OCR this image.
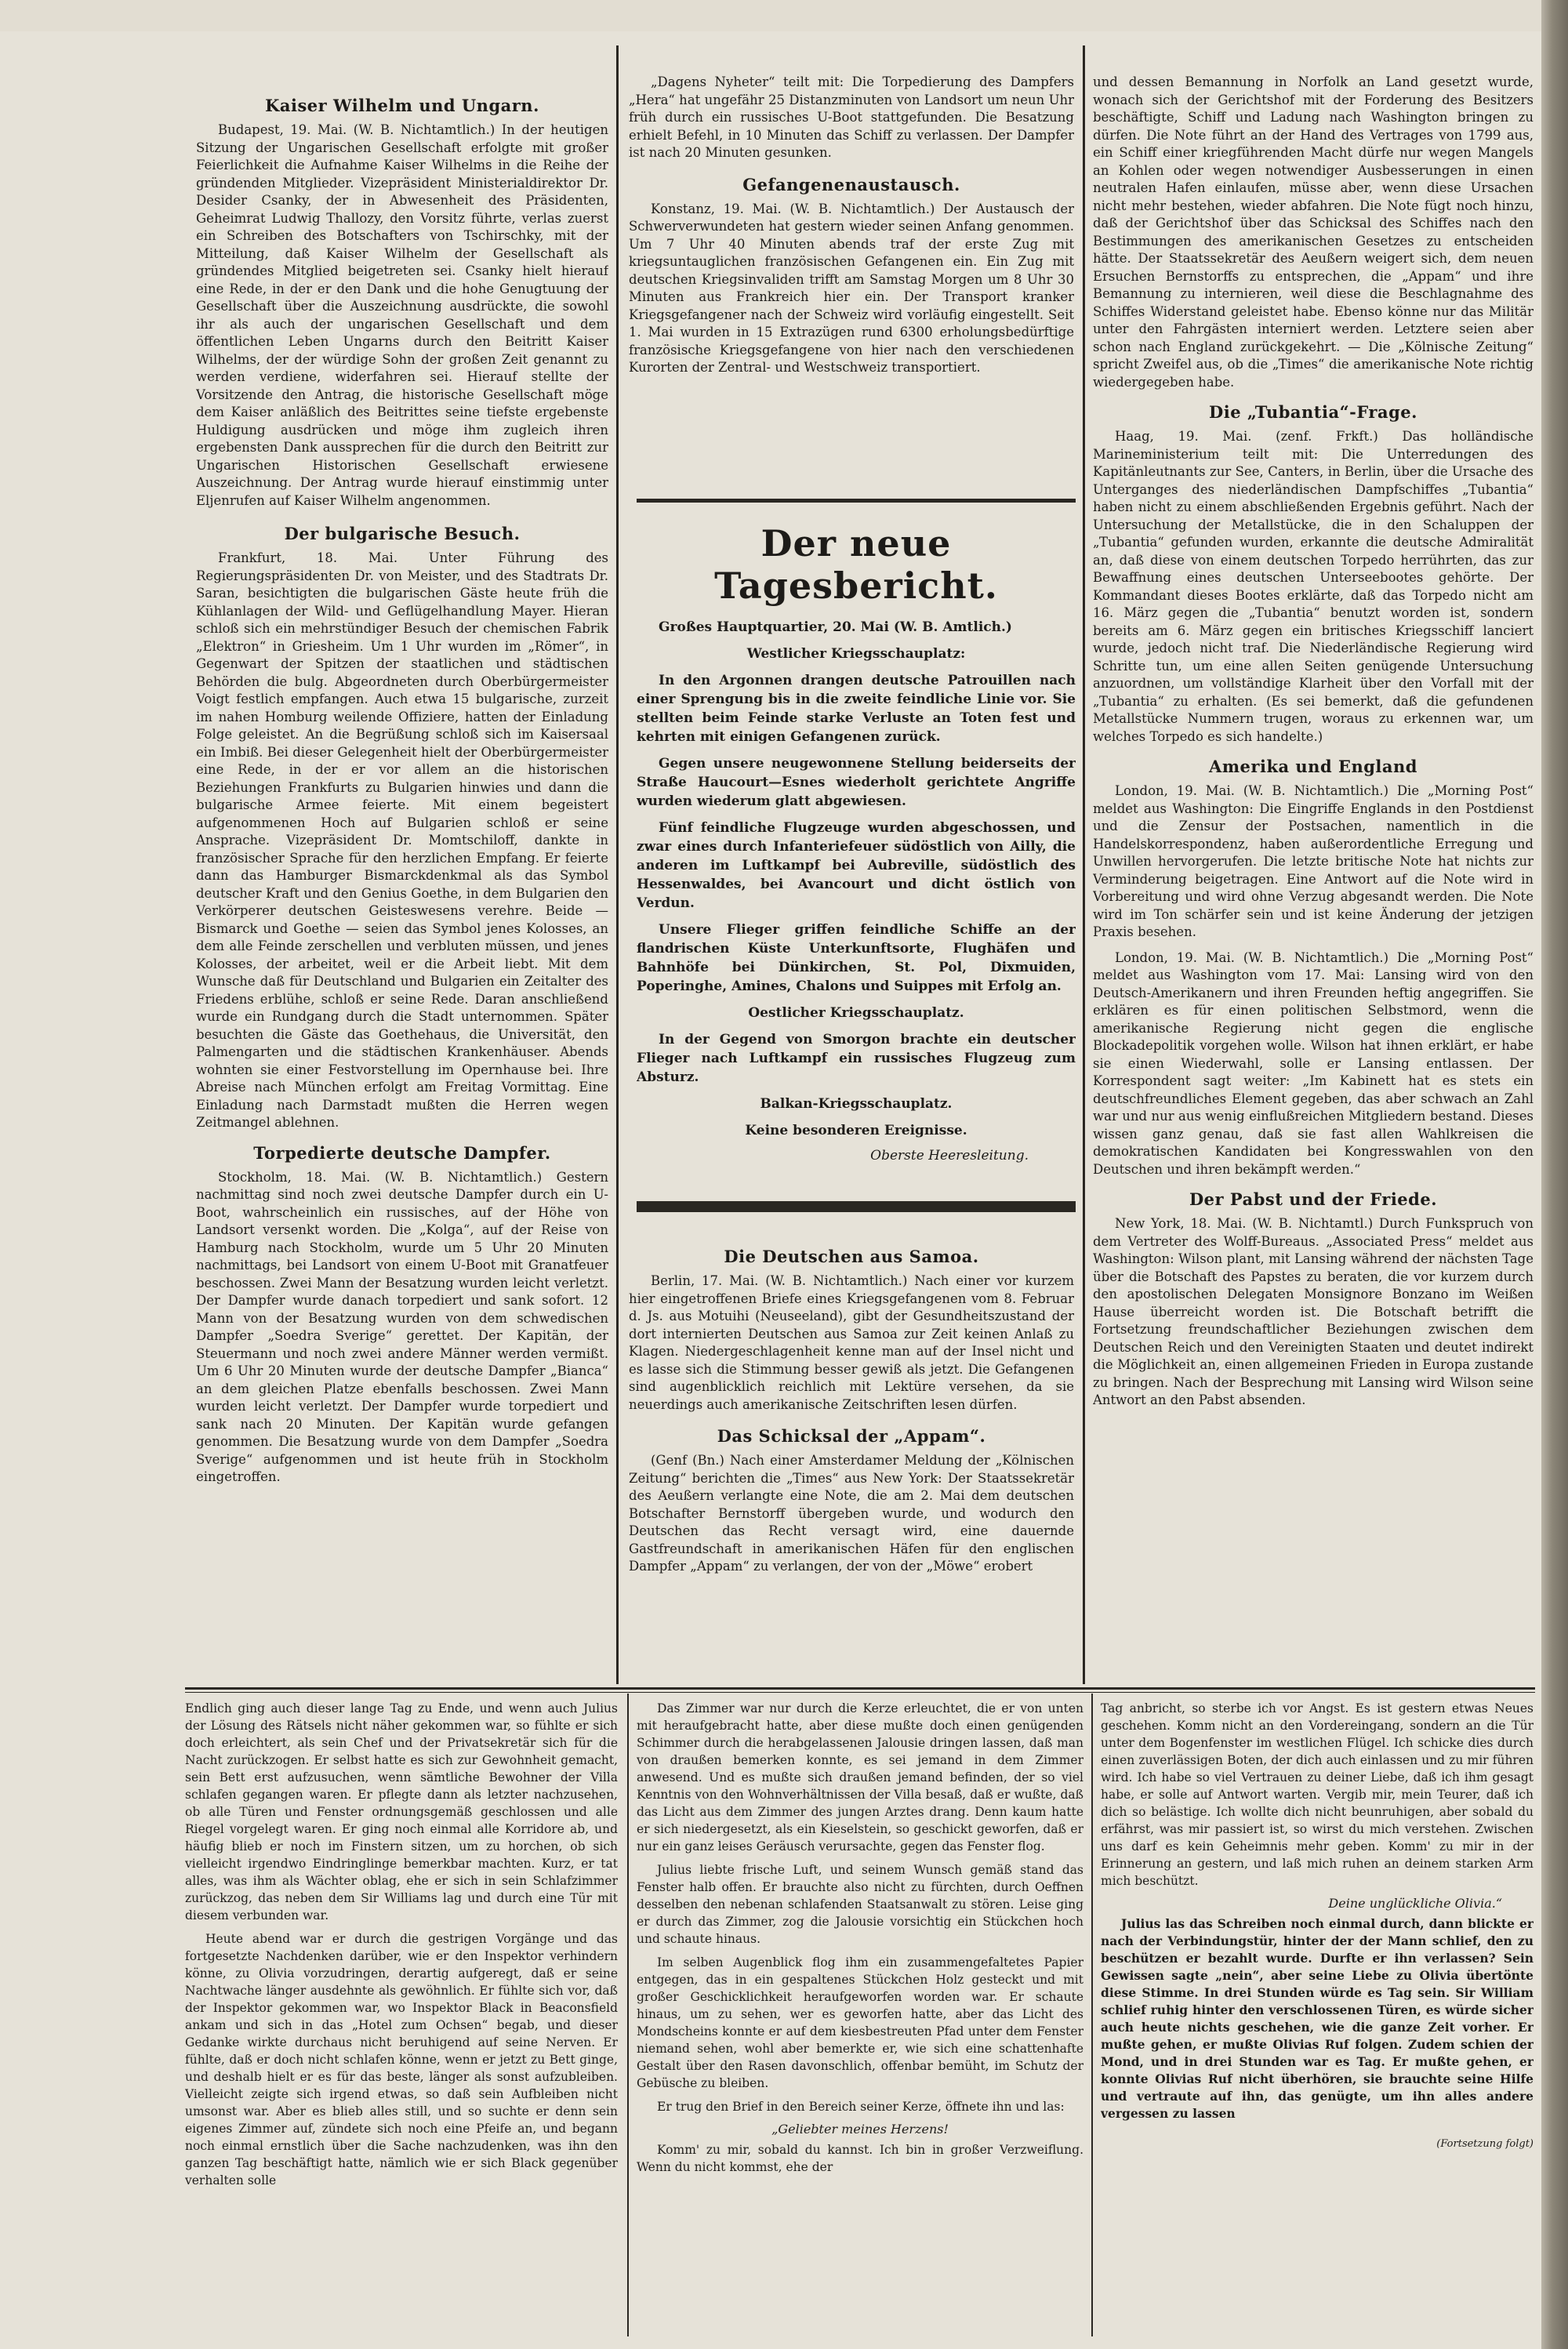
Kaiser Wilhelm und Ungarn.
Budapest, 19. Mai. (W. B. Nichtamtlich.) In der heutigen Sitzung der Ungarischen Gesellschaft erfolgte mit großer Feierlichkeit die Aufnahme Kaiser Wilhelms in die Reihe der gründenden Mitglieder. Vizepräsident Ministerialdirektor Dr. Desider Csanky, der in Abwesenheit des Präsidenten, Geheimrat Ludwig Thallozy, den Vorsitz führte, verlas zuerst ein Schreiben des Botschafters von Tschirschky, mit der Mitteilung, daß Kaiser Wilhelm der Gesellschaft als gründendes Mitglied beigetreten sei. Csanky hielt hierauf eine Rede, in der er den Dank und die hohe Genugtuung der Gesellschaft über die Auszeichnung ausdrückte, die sowohl ihr als auch der ungarischen Gesellschaft und dem öffentlichen Leben Ungarns durch den Beitritt Kaiser Wilhelms, der der würdige Sohn der großen Zeit genannt zu werden verdiene, widerfahren sei. Hierauf stellte der Vorsitzende den Antrag, die historische Gesellschaft möge dem Kaiser anläßlich des Beitrittes seine tiefste ergebenste Huldigung ausdrücken und möge ihm zugleich ihren ergebensten Dank aussprechen für die durch den Beitritt zur Ungarischen Historischen Gesellschaft erwiesene Auszeichnung. Der Antrag wurde hierauf einstimmig unter Eljenrufen auf Kaiser Wilhelm angenommen.
Der bulgarische Besuch.
Frankfurt, 18. Mai. Unter Führung des Regierungspräsidenten Dr. von Meister, und des Stadtrats Dr. Saran, besichtigten die bulgarischen Gäste heute früh die Kühlanlagen der Wild- und Geflügelhandlung Mayer. Hieran schloß sich ein mehrstündiger Besuch der chemischen Fabrik „Elektron“ in Griesheim. Um 1 Uhr wurden im „Römer“, in Gegenwart der Spitzen der staatlichen und städtischen Behörden die bulg. Abgeordneten durch Oberbürgermeister Voigt festlich empfangen. Auch etwa 15 bulgarische, zurzeit im nahen Homburg weilende Offiziere, hatten der Einladung Folge geleistet. An die Begrüßung schloß sich im Kaisersaal ein Imbiß. Bei dieser Gelegenheit hielt der Oberbürgermeister eine Rede, in der er vor allem an die historischen Beziehungen Frankfurts zu Bulgarien hinwies und dann die bulgarische Armee feierte. Mit einem begeistert aufgenommenen Hoch auf Bulgarien schloß er seine Ansprache. Vizepräsident Dr. Momtschiloff, dankte in französischer Sprache für den herzlichen Empfang. Er feierte dann das Hamburger Bismarckdenkmal als das Symbol deutscher Kraft und den Genius Goethe, in dem Bulgarien den Verkörperer deutschen Geisteswesens verehre. Beide — Bismarck und Goethe — seien das Symbol jenes Kolosses, an dem alle Feinde zerschellen und verbluten müssen, und jenes Kolosses, der arbeitet, weil er die Arbeit liebt. Mit dem Wunsche daß für Deutschland und Bulgarien ein Zeitalter des Friedens erblühe, schloß er seine Rede. Daran anschließend wurde ein Rundgang durch die Stadt unternommen. Später besuchten die Gäste das Goethehaus, die Universität, den Palmengarten und die städtischen Krankenhäuser. Abends wohnten sie einer Festvorstellung im Opernhause bei. Ihre Abreise nach München erfolgt am Freitag Vormittag. Eine Einladung nach Darmstadt mußten die Herren wegen Zeitmangel ablehnen.
Torpedierte deutsche Dampfer.
Stockholm, 18. Mai. (W. B. Nichtamtlich.) Gestern nachmittag sind noch zwei deutsche Dampfer durch ein U-Boot, wahrscheinlich ein russisches, auf der Höhe von Landsort versenkt worden. Die „Kolga“, auf der Reise von Hamburg nach Stockholm, wurde um 5 Uhr 20 Minuten nachmittags, bei Landsort von einem U-Boot mit Granatfeuer beschossen. Zwei Mann der Besatzung wurden leicht verletzt. Der Dampfer wurde danach torpediert und sank sofort. 12 Mann von der Besatzung wurden von dem schwedischen Dampfer „Soedra Sverige“ gerettet. Der Kapitän, der Steuermann und noch zwei andere Männer werden vermißt. Um 6 Uhr 20 Minuten wurde der deutsche Dampfer „Bianca“ an dem gleichen Platze ebenfalls beschossen. Zwei Mann wurden leicht verletzt. Der Dampfer wurde torpediert und sank nach 20 Minuten. Der Kapitän wurde gefangen genommen. Die Besatzung wurde von dem Dampfer „Soedra Sverige“ aufgenommen und ist heute früh in Stockholm eingetroffen.
„Dagens Nyheter“ teilt mit: Die Torpedierung des Dampfers „Hera“ hat ungefähr 25 Distanzminuten von Landsort um neun Uhr früh durch ein russisches U-Boot stattgefunden. Die Besatzung erhielt Befehl, in 10 Minuten das Schiff zu verlassen. Der Dampfer ist nach 20 Minuten gesunken.
Gefangenenaustausch.
Konstanz, 19. Mai. (W. B. Nichtamtlich.) Der Austausch der Schwerverwundeten hat gestern wieder seinen Anfang genommen. Um 7 Uhr 40 Minuten abends traf der erste Zug mit kriegsuntauglichen französischen Gefangenen ein. Ein Zug mit deutschen Kriegsinvaliden trifft am Samstag Morgen um 8 Uhr 30 Minuten aus Frankreich hier ein. Der Transport kranker Kriegsgefangener nach der Schweiz wird vorläufig eingestellt. Seit 1. Mai wurden in 15 Extrazügen rund 6300 erholungsbedürftige französische Kriegsgefangene von hier nach den verschiedenen Kurorten der Zentral- und Westschweiz transportiert.
Der neue Tagesbericht.
Großes Hauptquartier, 20. Mai (W. B. Amtlich.)
Westlicher Kriegsschauplatz:
In den Argonnen drangen deutsche Patrouillen nach einer Sprengung bis in die zweite feindliche Linie vor. Sie stellten beim Feinde starke Verluste an Toten fest und kehrten mit einigen Gefangenen zurück.
Gegen unsere neugewonnene Stellung beiderseits der Straße Haucourt—Esnes wiederholt gerichtete Angriffe wurden wiederum glatt abgewiesen.
Fünf feindliche Flugzeuge wurden abgeschossen, und zwar eines durch Infanteriefeuer südöstlich von Ailly, die anderen im Luftkampf bei Aubreville, südöstlich des Hessenwaldes, bei Avancourt und dicht östlich von Verdun.
Unsere Flieger griffen feindliche Schiffe an der flandrischen Küste Unterkunftsorte, Flughäfen und Bahnhöfe bei Dünkirchen, St. Pol, Dixmuiden, Poperinghe, Amines, Chalons und Suippes mit Erfolg an.
Oestlicher Kriegsschauplatz.
In der Gegend von Smorgon brachte ein deutscher Flieger nach Luftkampf ein russisches Flugzeug zum Absturz.
Balkan-Kriegsschauplatz.
Keine besonderen Ereignisse.
Oberste Heeresleitung.
Die Deutschen aus Samoa.
Berlin, 17. Mai. (W. B. Nichtamtlich.) Nach einer vor kurzem hier eingetroffenen Briefe eines Kriegsgefangenen vom 8. Februar d. Js. aus Motuihi (Neuseeland), gibt der Gesundheitszustand der dort internierten Deutschen aus Samoa zur Zeit keinen Anlaß zu Klagen. Niedergeschlagenheit kenne man auf der Insel nicht und es lasse sich die Stimmung besser gewiß als jetzt. Die Gefangenen sind augenblicklich reichlich mit Lektüre versehen, da sie neuerdings auch amerikanische Zeitschriften lesen dürfen.
Das Schicksal der „Appam“.
(Genf (Bn.) Nach einer Amsterdamer Meldung der „Kölnischen Zeitung“ berichten die „Times“ aus New York: Der Staatssekretär des Aeußern verlangte eine Note, die am 2. Mai dem deutschen Botschafter Bernstorff übergeben wurde, und wodurch den Deutschen das Recht versagt wird, eine dauernde Gastfreundschaft in amerikanischen Häfen für den englischen Dampfer „Appam“ zu verlangen, der von der „Möwe“ erobert
und dessen Bemannung in Norfolk an Land gesetzt wurde, wonach sich der Gerichtshof mit der Forderung des Besitzers beschäftigte, Schiff und Ladung nach Washington bringen zu dürfen. Die Note führt an der Hand des Vertrages von 1799 aus, ein Schiff einer kriegführenden Macht dürfe nur wegen Mangels an Kohlen oder wegen notwendiger Ausbesserungen in einen neutralen Hafen einlaufen, müsse aber, wenn diese Ursachen nicht mehr bestehen, wieder abfahren. Die Note fügt noch hinzu, daß der Gerichtshof über das Schicksal des Schiffes nach den Bestimmungen des amerikanischen Gesetzes zu entscheiden hätte. Der Staatssekretär des Aeußern weigert sich, dem neuen Ersuchen Bernstorffs zu entsprechen, die „Appam“ und ihre Bemannung zu internieren, weil diese die Beschlagnahme des Schiffes Widerstand geleistet habe. Ebenso könne nur das Militär unter den Fahrgästen interniert werden. Letztere seien aber schon nach England zurückgekehrt. — Die „Kölnische Zeitung“ spricht Zweifel aus, ob die „Times“ die amerikanische Note richtig wiedergegeben habe.
Die „Tubantia“-Frage.
Haag, 19. Mai. (zenf. Frkft.) Das holländische Marineministerium teilt mit: Die Unterredungen des Kapitänleutnants zur See, Canters, in Berlin, über die Ursache des Unterganges des niederländischen Dampfschiffes „Tubantia“ haben nicht zu einem abschließenden Ergebnis geführt. Nach der Untersuchung der Metallstücke, die in den Schaluppen der „Tubantia“ gefunden wurden, erkannte die deutsche Admiralität an, daß diese von einem deutschen Torpedo herrührten, das zur Bewaffnung eines deutschen Unterseebootes gehörte. Der Kommandant dieses Bootes erklärte, daß das Torpedo nicht am 16. März gegen die „Tubantia“ benutzt worden ist, sondern bereits am 6. März gegen ein britisches Kriegsschiff lanciert wurde, jedoch nicht traf. Die Niederländische Regierung wird Schritte tun, um eine allen Seiten genügende Untersuchung anzuordnen, um vollständige Klarheit über den Vorfall mit der „Tubantia“ zu erhalten. (Es sei bemerkt, daß die gefundenen Metallstücke Nummern trugen, woraus zu erkennen war, um welches Torpedo es sich handelte.)
Amerika und England
London, 19. Mai. (W. B. Nichtamtlich.) Die „Morning Post“ meldet aus Washington: Die Eingriffe Englands in den Postdienst und die Zensur der Postsachen, namentlich in die Handelskorrespondenz, haben außerordentliche Erregung und Unwillen hervorgerufen. Die letzte britische Note hat nichts zur Verminderung beigetragen. Eine Antwort auf die Note wird in Vorbereitung und wird ohne Verzug abgesandt werden. Die Note wird im Ton schärfer sein und ist keine Änderung der jetzigen Praxis besehen.
London, 19. Mai. (W. B. Nichtamtlich.) Die „Morning Post“ meldet aus Washington vom 17. Mai: Lansing wird von den Deutsch-Amerikanern und ihren Freunden heftig angegriffen. Sie erklären es für einen politischen Selbstmord, wenn die amerikanische Regierung nicht gegen die englische Blockadepolitik vorgehen wolle. Wilson hat ihnen erklärt, er habe sie einen Wiederwahl, solle er Lansing entlassen. Der Korrespondent sagt weiter: „Im Kabinett hat es stets ein deutschfreundliches Element gegeben, das aber schwach an Zahl war und nur aus wenig einflußreichen Mitgliedern bestand. Dieses wissen ganz genau, daß sie fast allen Wahlkreisen die demokratischen Kandidaten bei Kongresswahlen von den Deutschen und ihren bekämpft werden.“
Der Pabst und der Friede.
New York, 18. Mai. (W. B. Nichtamtl.) Durch Funkspruch von dem Vertreter des Wolff-Bureaus. „Associated Press“ meldet aus Washington: Wilson plant, mit Lansing während der nächsten Tage über die Botschaft des Papstes zu beraten, die vor kurzem durch den apostolischen Delegaten Monsignore Bonzano im Weißen Hause überreicht worden ist. Die Botschaft betrifft die Fortsetzung freundschaftlicher Beziehungen zwischen dem Deutschen Reich und den Vereinigten Staaten und deutet indirekt die Möglichkeit an, einen allgemeinen Frieden in Europa zustande zu bringen. Nach der Besprechung mit Lansing wird Wilson seine Antwort an den Pabst absenden.
Endlich ging auch dieser lange Tag zu Ende, und wenn auch Julius der Lösung des Rätsels nicht näher gekommen war, so fühlte er sich doch erleichtert, als sein Chef und der Privatsekretär sich für die Nacht zurückzogen. Er selbst hatte es sich zur Gewohnheit gemacht, sein Bett erst aufzusuchen, wenn sämtliche Bewohner der Villa schlafen gegangen waren. Er pflegte dann als letzter nachzusehen, ob alle Türen und Fenster ordnungsgemäß geschlossen und alle Riegel vorgelegt waren. Er ging noch einmal alle Korridore ab, und häufig blieb er noch im Finstern sitzen, um zu horchen, ob sich vielleicht irgendwo Eindringlinge bemerkbar machten. Kurz, er tat alles, was ihm als Wächter oblag, ehe er sich in sein Schlafzimmer zurückzog, das neben dem Sir Williams lag und durch eine Tür mit diesem verbunden war.
Heute abend war er durch die gestrigen Vorgänge und das fortgesetzte Nachdenken darüber, wie er den Inspektor verhindern könne, zu Olivia vorzudringen, derartig aufgeregt, daß er seine Nachtwache länger ausdehnte als gewöhnlich. Er fühlte sich vor, daß der Inspektor gekommen war, wo Inspektor Black in Beaconsfield ankam und sich in das „Hotel zum Ochsen“ begab, und dieser Gedanke wirkte durchaus nicht beruhigend auf seine Nerven. Er fühlte, daß er doch nicht schlafen könne, wenn er jetzt zu Bett ginge, und deshalb hielt er es für das beste, länger als sonst aufzubleiben. Vielleicht zeigte sich irgend etwas, so daß sein Aufbleiben nicht umsonst war. Aber es blieb alles still, und so suchte er denn sein eigenes Zimmer auf, zündete sich noch eine Pfeife an, und begann noch einmal ernstlich über die Sache nachzudenken, was ihn den ganzen Tag beschäftigt hatte, nämlich wie er sich Black gegenüber verhalten solle
Das Zimmer war nur durch die Kerze erleuchtet, die er von unten mit heraufgebracht hatte, aber diese mußte doch einen genügenden Schimmer durch die herabgelassenen Jalousie dringen lassen, daß man von draußen bemerken konnte, es sei jemand in dem Zimmer anwesend. Und es mußte sich draußen jemand befinden, der so viel Kenntnis von den Wohnverhältnissen der Villa besaß, daß er wußte, daß das Licht aus dem Zimmer des jungen Arztes drang. Denn kaum hatte er sich niedergesetzt, als ein Kieselstein, so geschickt geworfen, daß er nur ein ganz leises Geräusch verursachte, gegen das Fenster flog.
Julius liebte frische Luft, und seinem Wunsch gemäß stand das Fenster halb offen. Er brauchte also nicht zu fürchten, durch Oeffnen desselben den nebenan schlafenden Staatsanwalt zu stören. Leise ging er durch das Zimmer, zog die Jalousie vorsichtig ein Stückchen hoch und schaute hinaus.
Im selben Augenblick flog ihm ein zusammengefaltetes Papier entgegen, das in ein gespaltenes Stückchen Holz gesteckt und mit großer Geschicklichkeit heraufgeworfen worden war. Er schaute hinaus, um zu sehen, wer es geworfen hatte, aber das Licht des Mondscheins konnte er auf dem kiesbestreuten Pfad unter dem Fenster niemand sehen, wohl aber bemerkte er, wie sich eine schattenhafte Gestalt über den Rasen davonschlich, offenbar bemüht, im Schutz der Gebüsche zu bleiben.
Er trug den Brief in den Bereich seiner Kerze, öffnete ihn und las:
„Geliebter meines Herzens!
Komm' zu mir, sobald du kannst. Ich bin in großer Verzweiflung. Wenn du nicht kommst, ehe der
Tag anbricht, so sterbe ich vor Angst. Es ist gestern etwas Neues geschehen. Komm nicht an den Vordereingang, sondern an die Tür unter dem Bogenfenster im westlichen Flügel. Ich schicke dies durch einen zuverlässigen Boten, der dich auch einlassen und zu mir führen wird. Ich habe so viel Vertrauen zu deiner Liebe, daß ich ihm gesagt habe, er solle auf Antwort warten. Vergib mir, mein Teurer, daß ich dich so belästige. Ich wollte dich nicht beunruhigen, aber sobald du erfährst, was mir passiert ist, so wirst du mich verstehen. Zwischen uns darf es kein Geheimnis mehr geben. Komm' zu mir in der Erinnerung an gestern, und laß mich ruhen an deinem starken Arm mich beschützt.
Deine unglückliche Olivia.“
Julius las das Schreiben noch einmal durch, dann blickte er nach der Verbindungstür, hinter der der Mann schlief, den zu beschützen er bezahlt wurde. Durfte er ihn verlassen? Sein Gewissen sagte „nein“, aber seine Liebe zu Olivia übertönte diese Stimme. In drei Stunden würde es Tag sein. Sir William schlief ruhig hinter den verschlossenen Türen, es würde sicher auch heute nichts geschehen, wie die ganze Zeit vorher. Er mußte gehen, er mußte Olivias Ruf folgen. Zudem schien der Mond, und in drei Stunden war es Tag. Er mußte gehen, er konnte Olivias Ruf nicht überhören, sie brauchte seine Hilfe und vertraute auf ihn, das genügte, um ihn alles andere vergessen zu lassen
(Fortsetzung folgt)
